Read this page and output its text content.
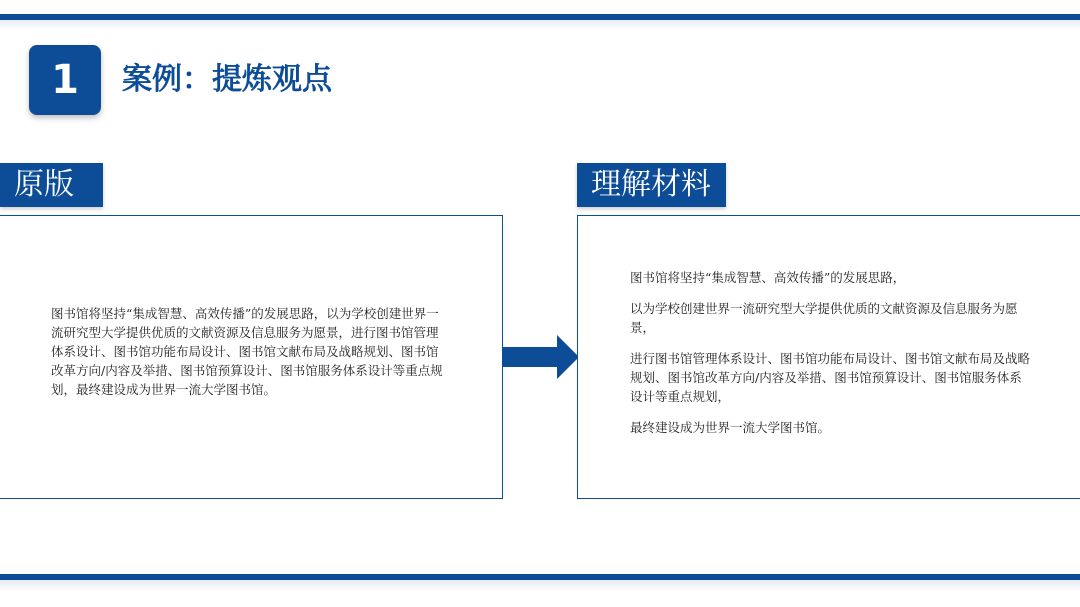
1	案例：提炼观点
原版	理解材料
图书馆将坚持“集成智慧、高效传播”的发展思路，以为学校创建世界一流研究型大学提供优质的文献资源及信息服务为愿景，进行图书馆管理体系设计、图书馆功能布局设计、图书馆文献布局及战略规划、图书馆改革方向/内容及举措、图书馆预算设计、图书馆服务体系设计等重点规划，最终建设成为世界一流大学图书馆。

图书馆将坚持“集成智慧、高效传播”的发展思路，

以为学校创建世界一流研究型大学提供优质的文献资源及信息服务为愿景，

进行图书馆管理体系设计、图书馆功能布局设计、图书馆文献布局及战略规划、图书馆改革方向/内容及举措、图书馆预算设计、图书馆服务体系设计等重点规划，

最终建设成为世界一流大学图书馆。
